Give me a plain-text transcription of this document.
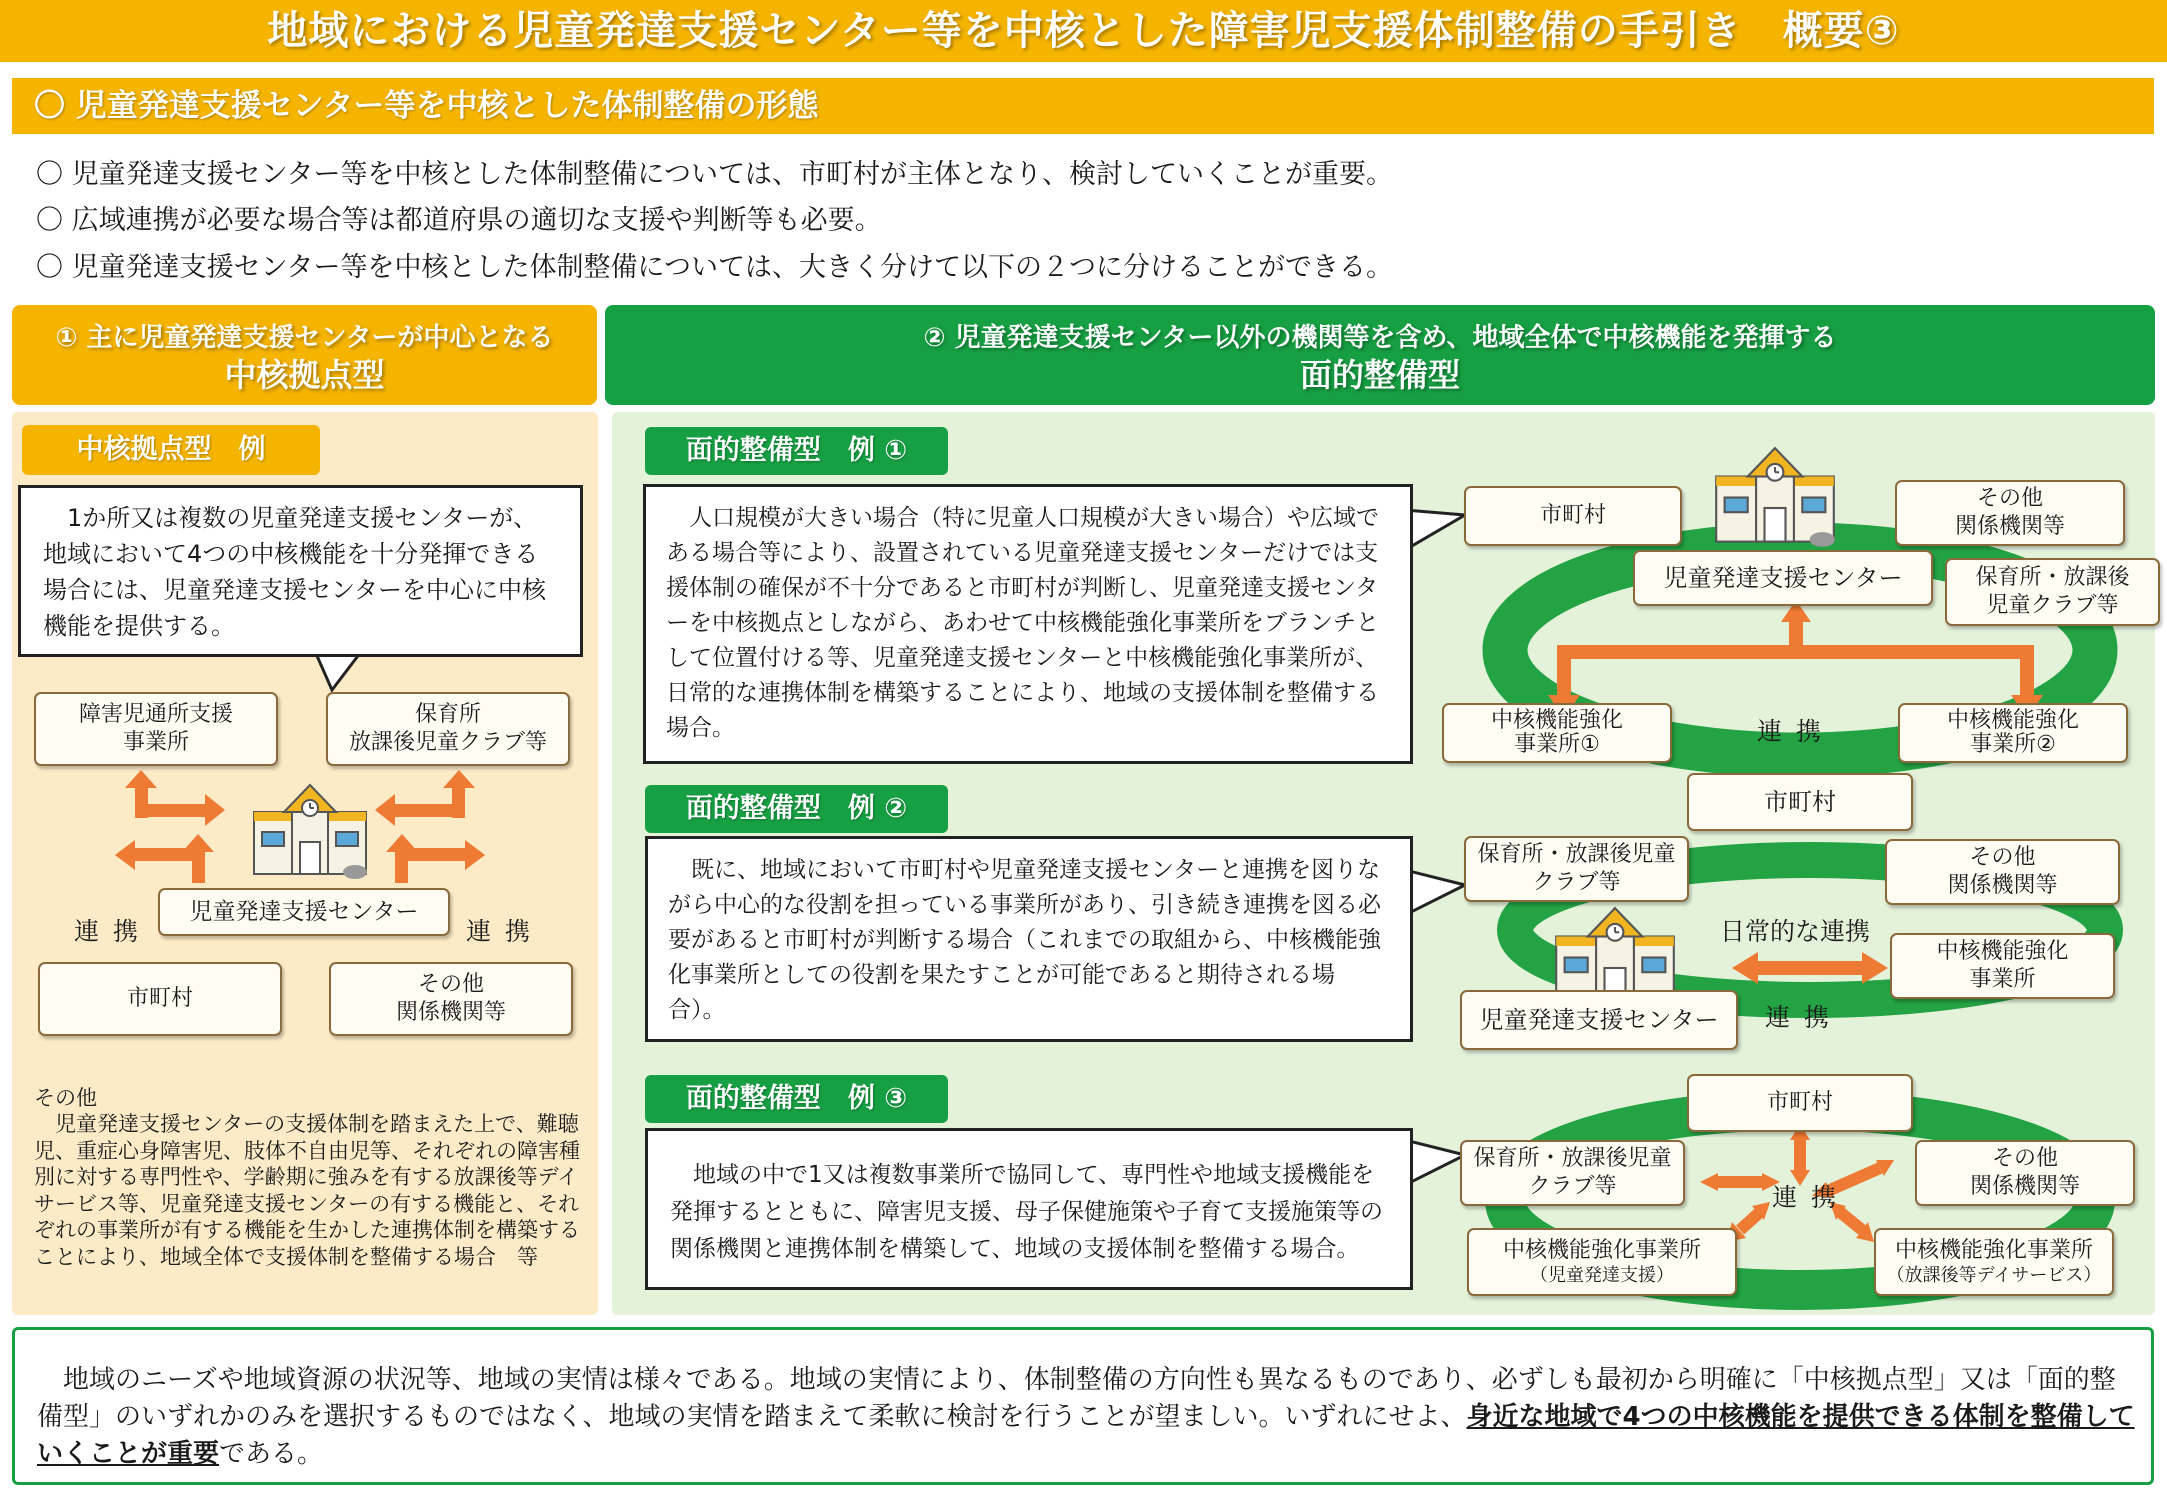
地域における児童発達支援センター等を中核とした障害児支援体制整備の手引き　概要③
〇 児童発達支援センター等を中核とした体制整備の形態
〇 児童発達支援センター等を中核とした体制整備については、市町村が主体となり、検討していくことが重要。
〇 広域連携が必要な場合等は都道府県の適切な支援や判断等も必要。
〇 児童発達支援センター等を中核とした体制整備については、大きく分けて以下の２つに分けることができる。
① 主に児童発達支援センターが中心となる
中核拠点型
② 児童発達支援センター以外の機関等を含め、地域全体で中核機能を発揮する
面的整備型
中核拠点型　例
　1か所又は複数の児童発達支援センターが、地域において4つの中核機能を十分発揮できる場合には、児童発達支援センターを中心に中核機能を提供する。
障害児通所支援
事業所
保育所
放課後児童クラブ等
連 携	連 携
児童発達支援センター
市町村
その他
関係機関等
その他
　児童発達支援センターの支援体制を踏まえた上で、難聴児、重症心身障害児、肢体不自由児等、それぞれの障害種別に対する専門性や、学齢期に強みを有する放課後等デイサービス等、児童発達支援センターの有する機能と、それぞれの事業所が有する機能を生かした連携体制を構築することにより、地域全体で支援体制を整備する場合　等
面的整備型　例 ①
　人口規模が大きい場合（特に児童人口規模が大きい場合）や広域である場合等により、設置されている児童発達支援センターだけでは支援体制の確保が不十分であると市町村が判断し、児童発達支援センターを中核拠点としながら、あわせて中核機能強化事業所をブランチとして位置付ける等、児童発達支援センターと中核機能強化事業所が、日常的な連携体制を構築することにより、地域の支援体制を整備する場合。
市町村
その他
関係機関等
児童発達支援センター	保育所・放課後
児童クラブ等
中核機能強化
事業所①
中核機能強化
事業所②
連 携
面的整備型　例 ②
　既に、地域において市町村や児童発達支援センターと連携を図りながら中心的な役割を担っている事業所があり、引き続き連携を図る必要があると市町村が判断する場合（これまでの取組から、中核機能強化事業所としての役割を果たすことが可能であると期待される場合）。
市町村
保育所・放課後児童
クラブ等
その他
関係機関等
日常的な連携
中核機能強化
事業所
児童発達支援センター	連 携
面的整備型　例 ③
　地域の中で1又は複数事業所で協同して、専門性や地域支援機能を発揮するとともに、障害児支援、母子保健施策や子育て支援施策等の関係機関と連携体制を構築して、地域の支援体制を整備する場合。
市町村
保育所・放課後児童
クラブ等
その他
関係機関等
連 携
中核機能強化事業所
（児童発達支援）
中核機能強化事業所
（放課後等デイサービス）
　地域のニーズや地域資源の状況等、地域の実情は様々である。地域の実情により、体制整備の方向性も異なるものであり、必ずしも最初から明確に「中核拠点型」又は「面的整備型」のいずれかのみを選択するものではなく、地域の実情を踏まえて柔軟に検討を行うことが望ましい。いずれにせよ、身近な地域で4つの中核機能を提供できる体制を整備していくことが重要である。
